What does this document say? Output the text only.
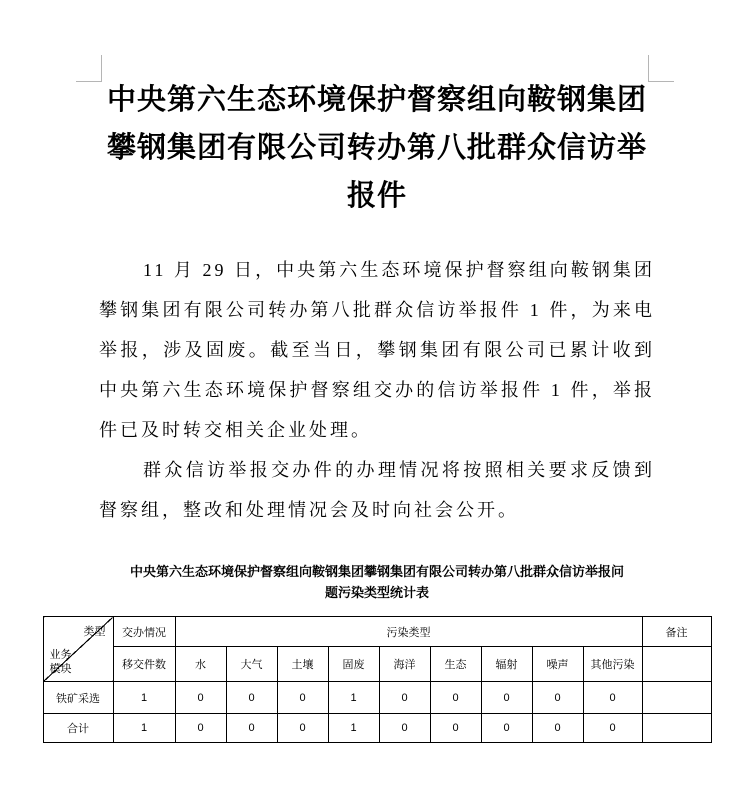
中央第六生态环境保护督察组向鞍钢集团攀钢集团有限公司转办第八批群众信访举报件

11 月 29 日，中央第六生态环境保护督察组向鞍钢集团攀钢集团有限公司转办第八批群众信访举报件 1 件，为来电举报，涉及固废。截至当日，攀钢集团有限公司已累计收到中央第六生态环境保护督察组交办的信访举报件 1 件，举报件已及时转交相关企业处理。

群众信访举报交办件的办理情况将按照相关要求反馈到督察组，整改和处理情况会及时向社会公开。

中央第六生态环境保护督察组向鞍钢集团攀钢集团有限公司转办第八批群众信访举报问题污染类型统计表
类型
业务模块	交办情况	污染类型									备注
	移交件数	水	大气	土壤	固废	海洋	生态	辐射	噪声	其他污染	
铁矿采选	1	0	0	0	1	0	0	0	0	0	
合计	1	0	0	0	1	0	0	0	0	0	
